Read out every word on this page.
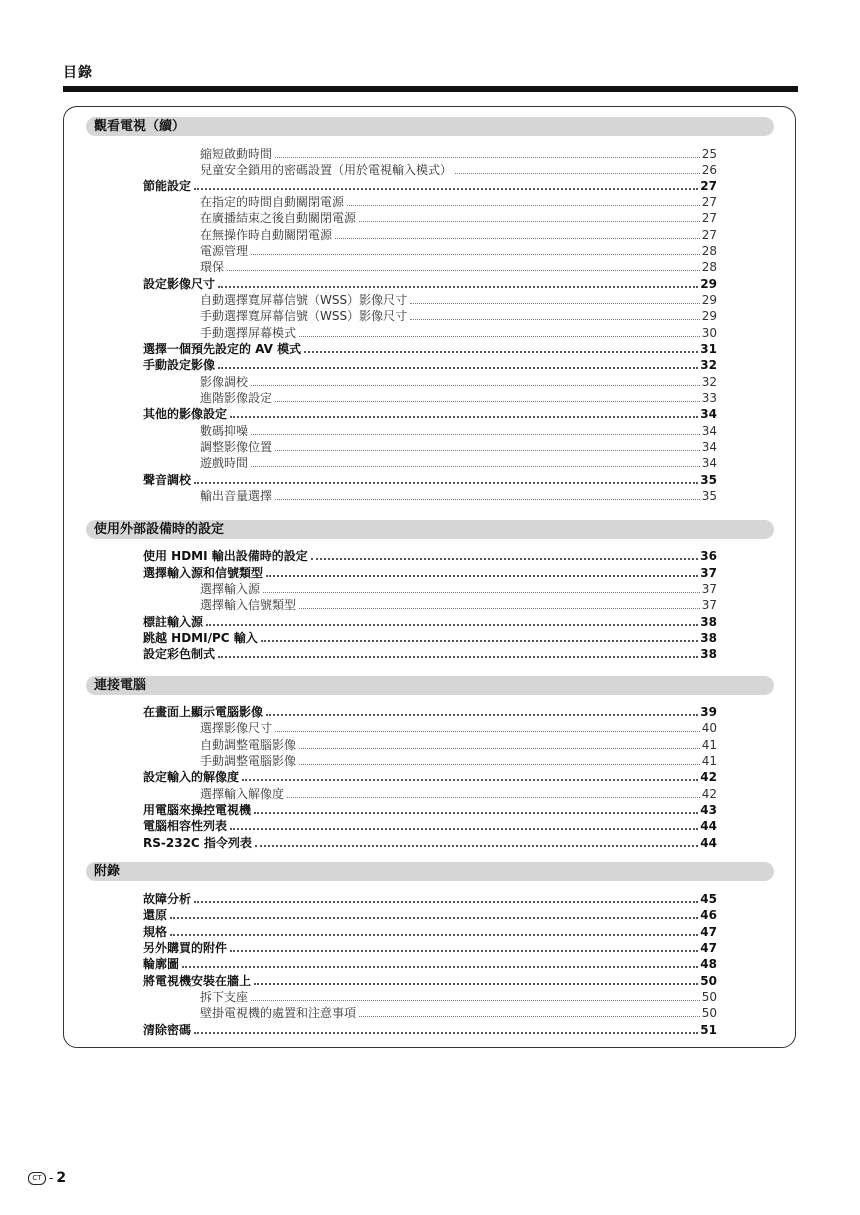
目錄
觀看電視（續）
縮短啟動時間	25
兒童安全鎖用的密碼設置（用於電視輸入模式）	26
節能設定	27
在指定的時間自動關閉電源	27
在廣播結束之後自動關閉電源	27
在無操作時自動關閉電源	27
電源管理	28
環保	28
設定影像尺寸	29
自動選擇寬屏幕信號（WSS）影像尺寸	29
手動選擇寬屏幕信號（WSS）影像尺寸	29
手動選擇屏幕模式	30
選擇一個預先設定的 AV 模式	31
手動設定影像	32
影像調校	32
進階影像設定	33
其他的影像設定	34
數碼抑噪	34
調整影像位置	34
遊戲時間	34
聲音調校	35
輸出音量選擇	35
使用外部設備時的設定
使用 HDMI 輸出設備時的設定	36
選擇輸入源和信號類型	37
選擇輸入源	37
選擇輸入信號類型	37
標註輸入源	38
跳越 HDMI/PC 輸入	38
設定彩色制式	38
連接電腦
在畫面上顯示電腦影像	39
選擇影像尺寸	40
自動調整電腦影像	41
手動調整電腦影像	41
設定輸入的解像度	42
選擇輸入解像度	42
用電腦來操控電視機	43
電腦相容性列表	44
RS-232C 指令列表	44
附錄
故障分析	45
還原	46
規格	47
另外購買的附件	47
輪廓圖	48
將電視機安裝在牆上	50
拆下支座	50
壁掛電視機的處置和注意事項	50
清除密碼	51
CT - 2
